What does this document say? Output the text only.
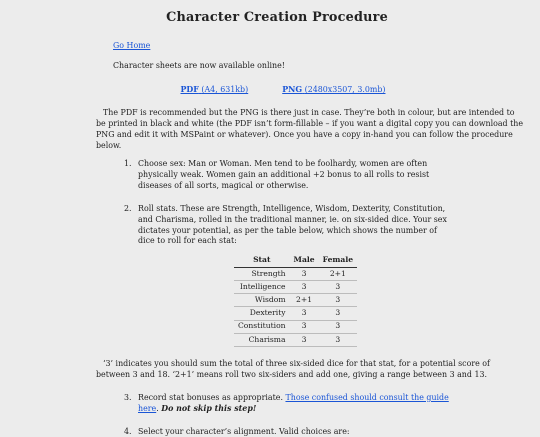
Character Creation Procedure
Go Home

Character sheets are now available online!

PDF (A4, 631kb)	PNG (2480x3507, 3.0mb)

The PDF is recommended but the PNG is there just in case. They’re both in colour, but are intended to be printed in black and white (the PDF isn’t form-fillable – if you want a digital copy you can download the PNG and edit it with MSPaint or whatever). Once you have a copy in-hand you can follow the procedure below.

1. Choose sex: Man or Woman. Men tend to be foolhardy, women are often physically weak. Women gain an additional +2 bonus to all rolls to resist diseases of all sorts, magical or otherwise.
2. Roll stats. These are Strength, Intelligence, Wisdom, Dexterity, Constitution, and Charisma, rolled in the traditional manner, ie. on six-sided dice. Your sex dictates your potential, as per the table below, which shows the number of dice to roll for each stat:
Stat	Male	Female
Strength	3	2+1
Intelligence	3	3
Wisdom	2+1	3
Dexterity	3	3
Constitution	3	3
Charisma	3	3

‘3’ indicates you should sum the total of three six-sided dice for that stat, for a potential score of between 3 and 18. ‘2+1’ means roll two six-siders and add one, giving a range between 3 and 13.

3. Record stat bonuses as appropriate. Those confused should consult the guide here. Do not skip this step!
4. Select your character’s alignment. Valid choices are:
